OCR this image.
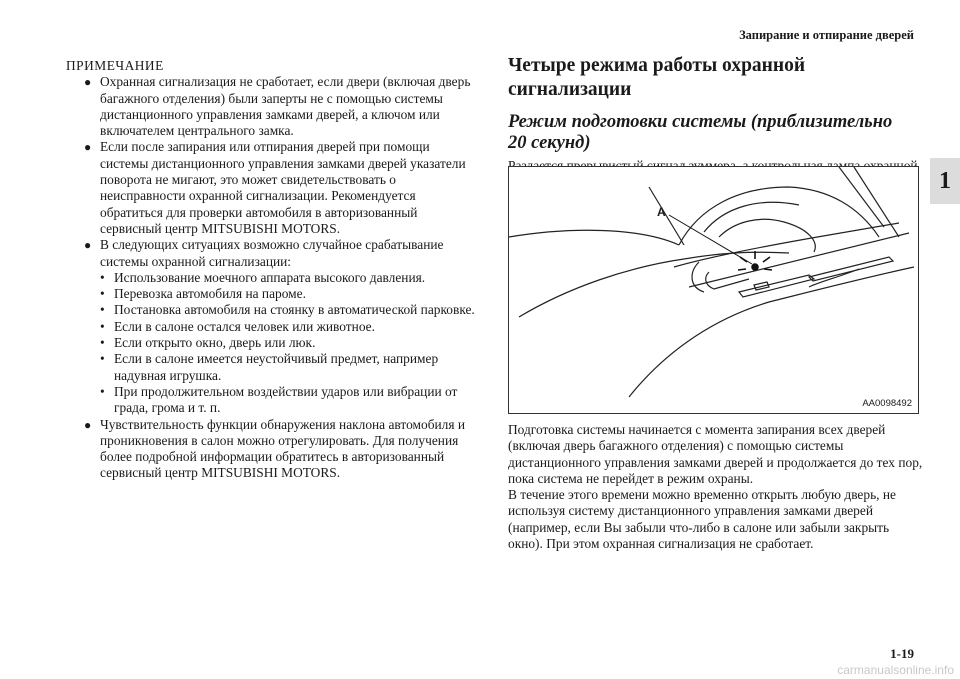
Запирание и отпирание дверей
1
ПРИМЕЧАНИЕ
● Охранная сигнализация не сработает, если двери (включая дверь багажного отделения) были заперты не с помощью системы дистанционного управления замками дверей, а ключом или включателем центрального замка.
● Если после запирания или отпирания дверей при помощи системы дистанционного управления замками дверей указатели поворота не мигают, это может свидетельствовать о неисправности охранной сигнализации. Рекомендуется обратиться для проверки автомобиля в авторизованный сервисный центр MITSUBISHI MOTORS.
● В следующих ситуациях возможно случайное срабатывание системы охранной сигнализации:
• Использование моечного аппарата высокого давления.
• Перевозка автомобиля на пароме.
• Постановка автомобиля на стоянку в автоматической парковке.
• Если в салоне остался человек или животное.
• Если открыто окно, дверь или люк.
• Если в салоне имеется неустойчивый предмет, например надувная игрушка.
• При продолжительном воздействии ударов или вибрации от града, грома и т. п.
● Чувствительность функции обнаружения наклона автомобиля и проникновения в салон можно отрегулировать. Для получения более подробной информации обратитесь в авторизованный сервисный центр MITSUBISHI MOTORS.
Четыре режима работы охранной сигнализации
Режим подготовки системы (приблизительно
20 секунд)

A
AA0098492

Подготовка системы начинается с момента запирания всех дверей (включая дверь багажного отделения) с помощью системы дистанционного управления замками дверей и продолжается до тех пор, пока система не перейдет в режим охраны.

В течение этого времени можно временно открыть любую дверь, не используя систему дистанционного управления замками дверей (например, если Вы забыли что-либо в салоне или забыли закрыть окно). При этом охранная сигнализация не сработает.

1-19
carmanualsonline.info
